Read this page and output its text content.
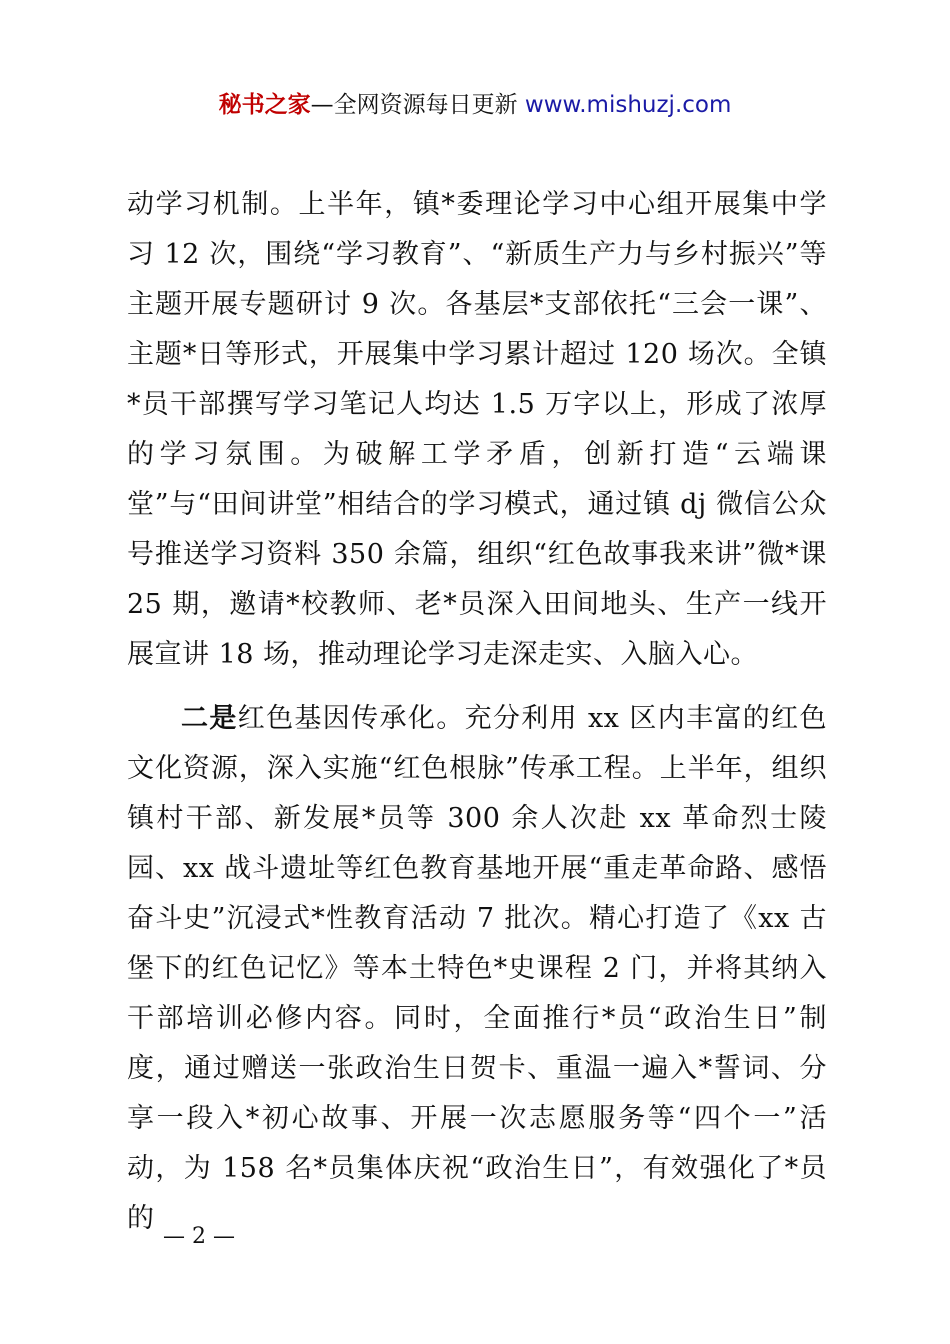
秘书之家—全网资源每日更新 www.mishuzj.com

动学习机制。上半年，镇*委理论学习中心组开展集中学习 12 次，围绕“学习教育”、“新质生产力与乡村振兴”等主题开展专题研讨 9 次。各基层*支部依托“三会一课”、主题*日等形式，开展集中学习累计超过 120 场次。全镇*员干部撰写学习笔记人均达 1.5 万字以上，形成了浓厚的学习氛围。为破解工学矛盾，创新打造“云端课堂”与“田间讲堂”相结合的学习模式，通过镇 dj 微信公众号推送学习资料 350 余篇，组织“红色故事我来讲”微*课 25 期，邀请*校教师、老*员深入田间地头、生产一线开展宣讲 18 场，推动理论学习走深走实、入脑入心。

二是红色基因传承化。充分利用 xx 区内丰富的红色文化资源，深入实施“红色根脉”传承工程。上半年，组织镇村干部、新发展*员等 300 余人次赴 xx 革命烈士陵园、xx 战斗遗址等红色教育基地开展“重走革命路、感悟奋斗史”沉浸式*性教育活动 7 批次。精心打造了《xx 古堡下的红色记忆》等本土特色*史课程 2 门，并将其纳入干部培训必修内容。同时，全面推行*员“政治生日”制度，通过赠送一张政治生日贺卡、重温一遍入*誓词、分享一段入*初心故事、开展一次志愿服务等“四个一”活动，为 158 名*员集体庆祝“政治生日”，有效强化了*员的

— 2 —
